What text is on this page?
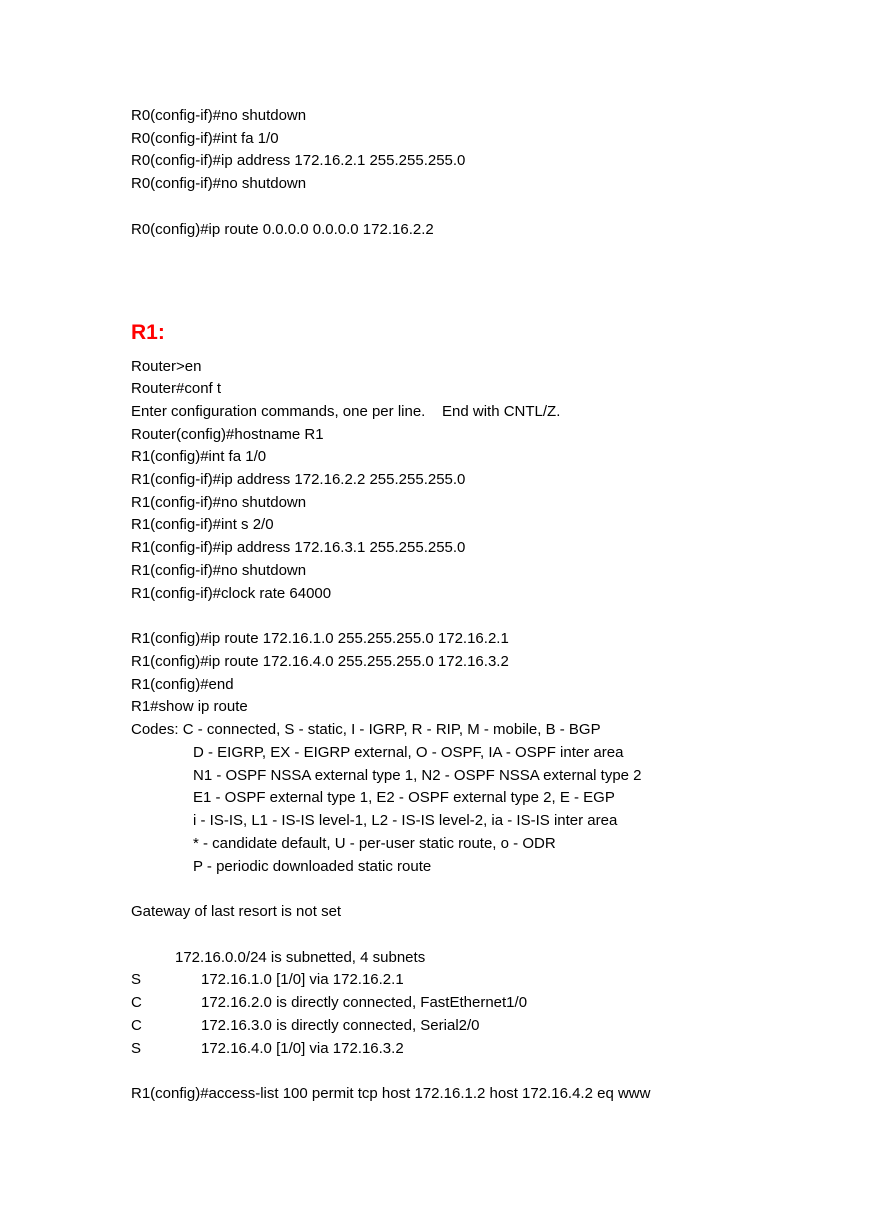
R0(config-if)#no shutdown
R0(config-if)#int fa 1/0
R0(config-if)#ip address 172.16.2.1 255.255.255.0
R0(config-if)#no shutdown
R0(config)#ip route 0.0.0.0 0.0.0.0 172.16.2.2
R1:
Router>en
Router#conf t
Enter configuration commands, one per line.    End with CNTL/Z.
Router(config)#hostname R1
R1(config)#int fa 1/0
R1(config-if)#ip address 172.16.2.2 255.255.255.0
R1(config-if)#no shutdown
R1(config-if)#int s 2/0
R1(config-if)#ip address 172.16.3.1 255.255.255.0
R1(config-if)#no shutdown
R1(config-if)#clock rate 64000
R1(config)#ip route 172.16.1.0 255.255.255.0 172.16.2.1
R1(config)#ip route 172.16.4.0 255.255.255.0 172.16.3.2
R1(config)#end
R1#show ip route
Codes: C - connected, S - static, I - IGRP, R - RIP, M - mobile, B - BGP
D - EIGRP, EX - EIGRP external, O - OSPF, IA - OSPF inter area
N1 - OSPF NSSA external type 1, N2 - OSPF NSSA external type 2
E1 - OSPF external type 1, E2 - OSPF external type 2, E - EGP
i - IS-IS, L1 - IS-IS level-1, L2 - IS-IS level-2, ia - IS-IS inter area
* - candidate default, U - per-user static route, o - ODR
P - periodic downloaded static route
Gateway of last resort is not set
172.16.0.0/24 is subnetted, 4 subnets
S	172.16.1.0 [1/0] via 172.16.2.1
C	172.16.2.0 is directly connected, FastEthernet1/0
C	172.16.3.0 is directly connected, Serial2/0
S	172.16.4.0 [1/0] via 172.16.3.2
R1(config)#access-list 100 permit tcp host 172.16.1.2 host 172.16.4.2 eq www
